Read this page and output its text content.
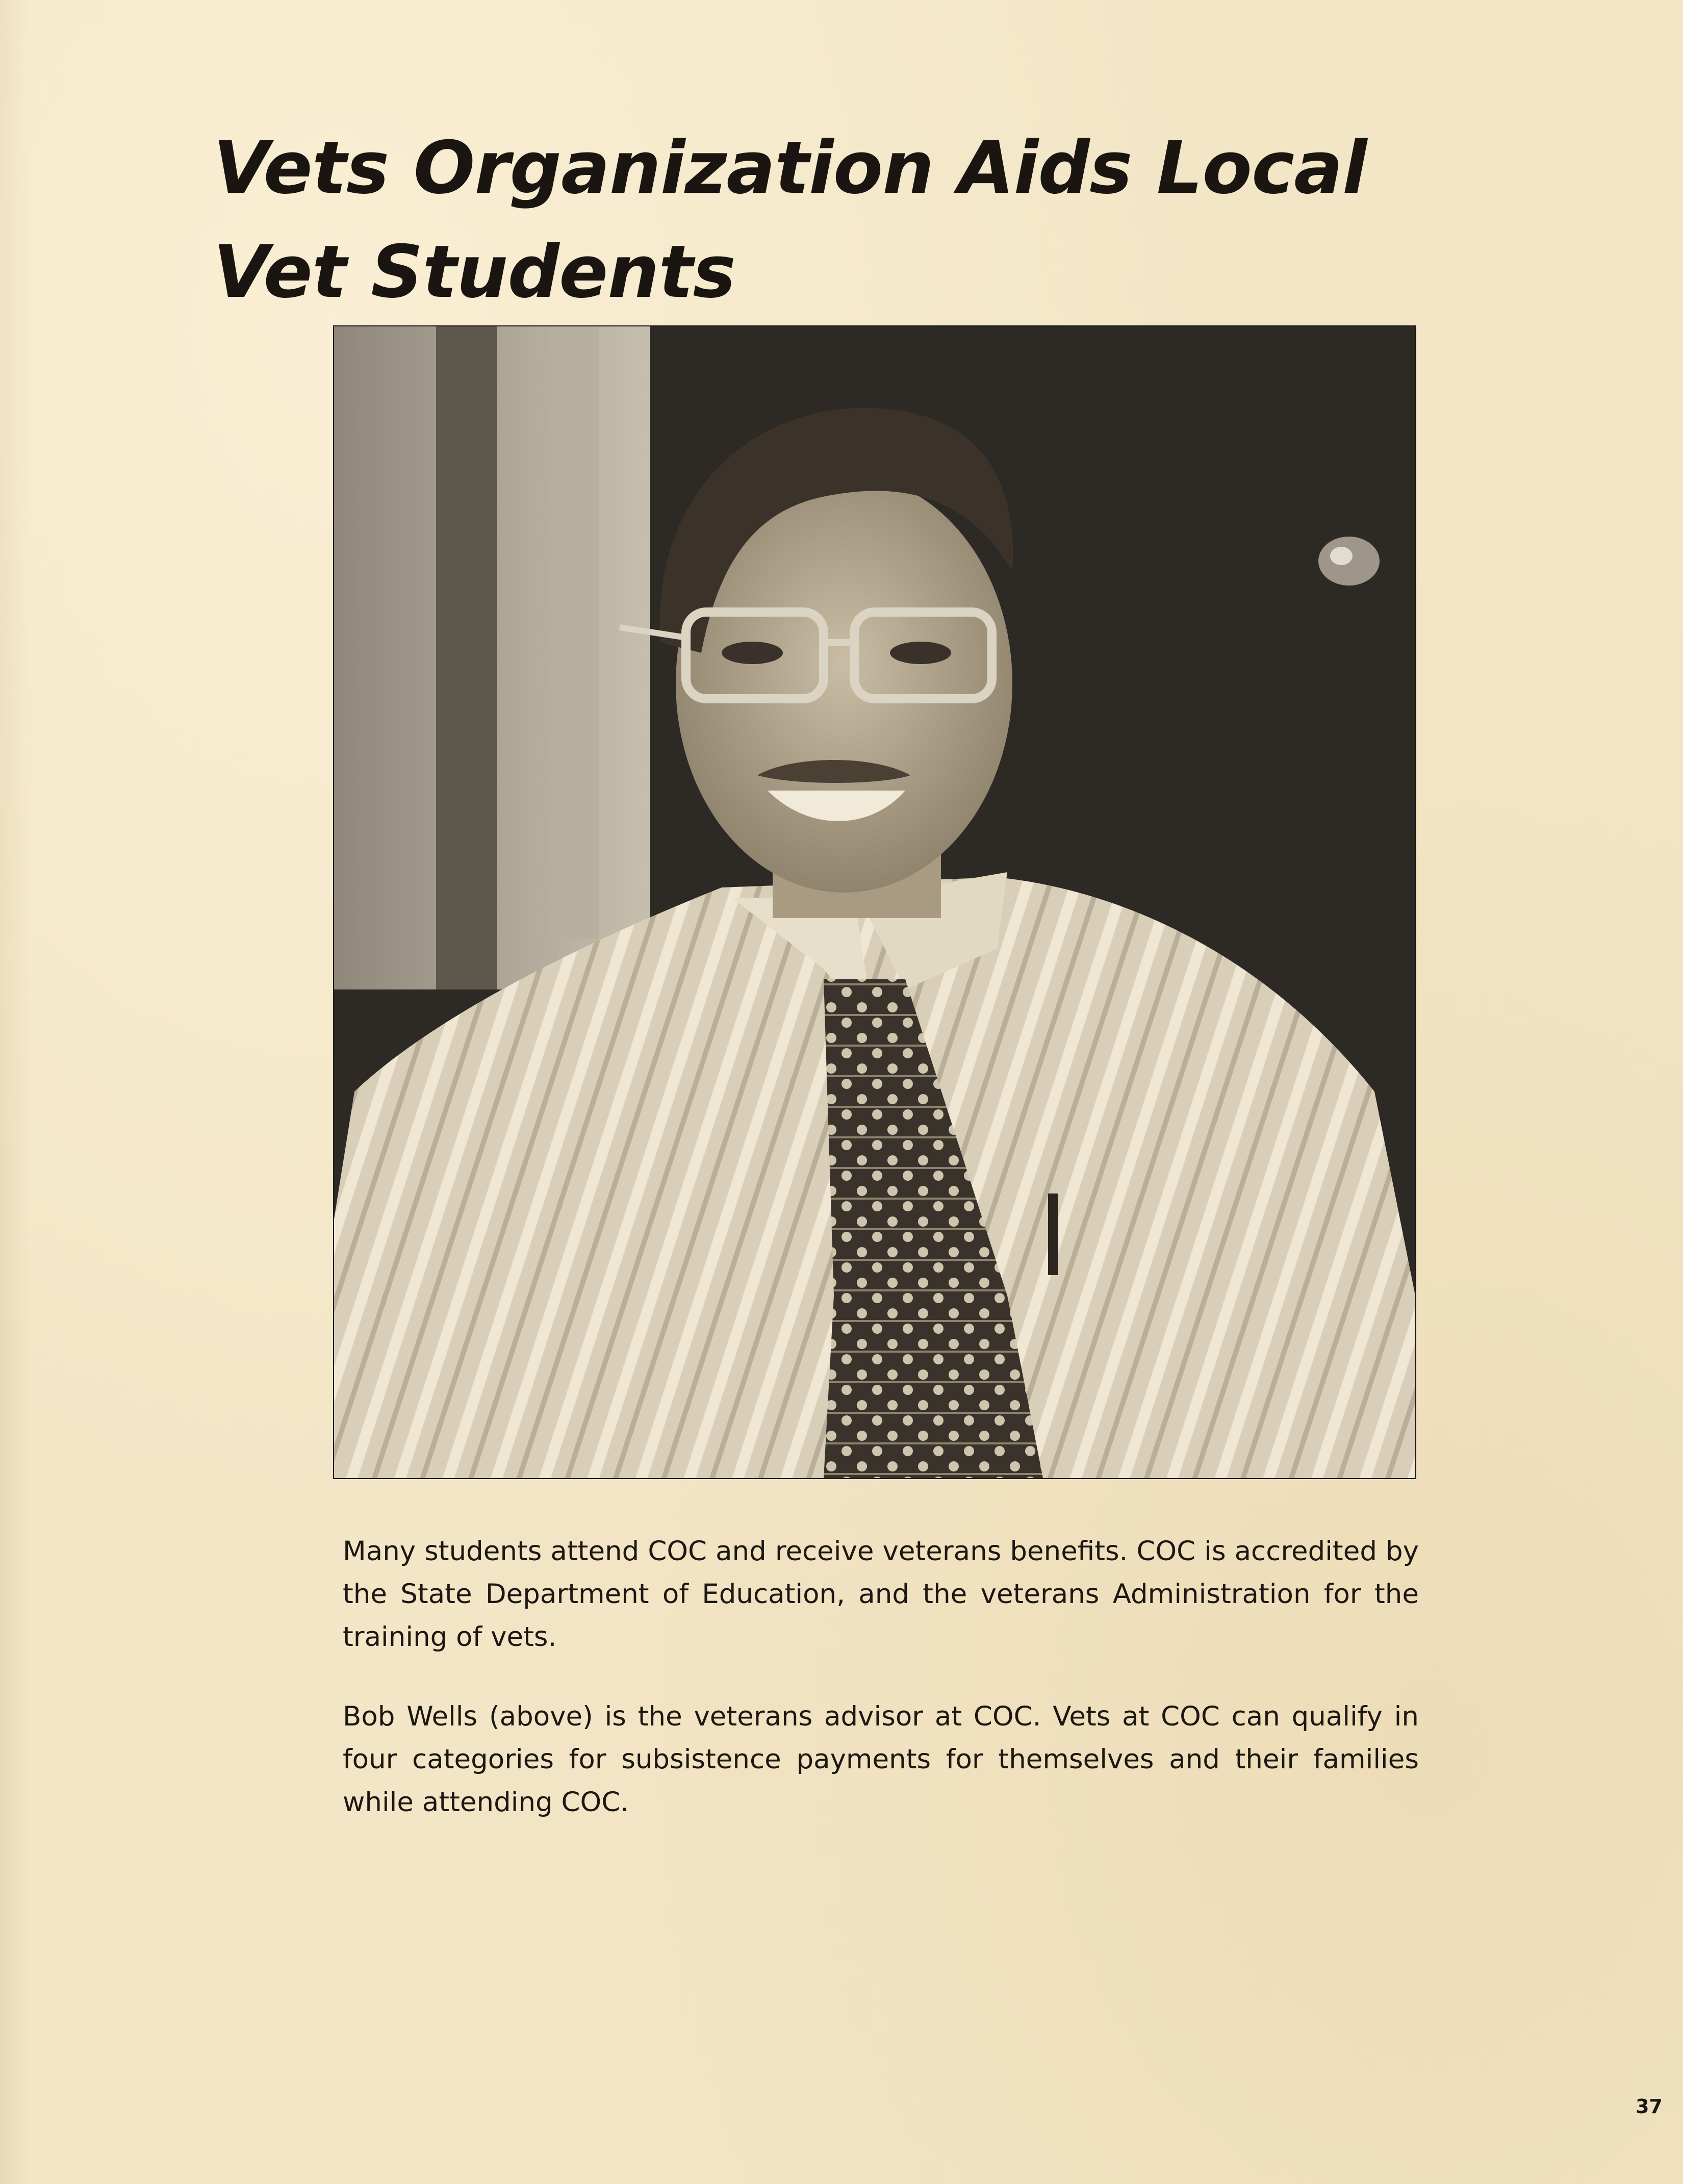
Vets Organization Aids Local Vet Students

Many students attend COC and receive veterans benefits. COC is accredited by the State Department of Education, and the veterans Administration for the training of vets.

Bob Wells (above) is the veterans advisor at COC. Vets at COC can qualify in four categories for subsistence payments for themselves and their families while attending COC.

37
